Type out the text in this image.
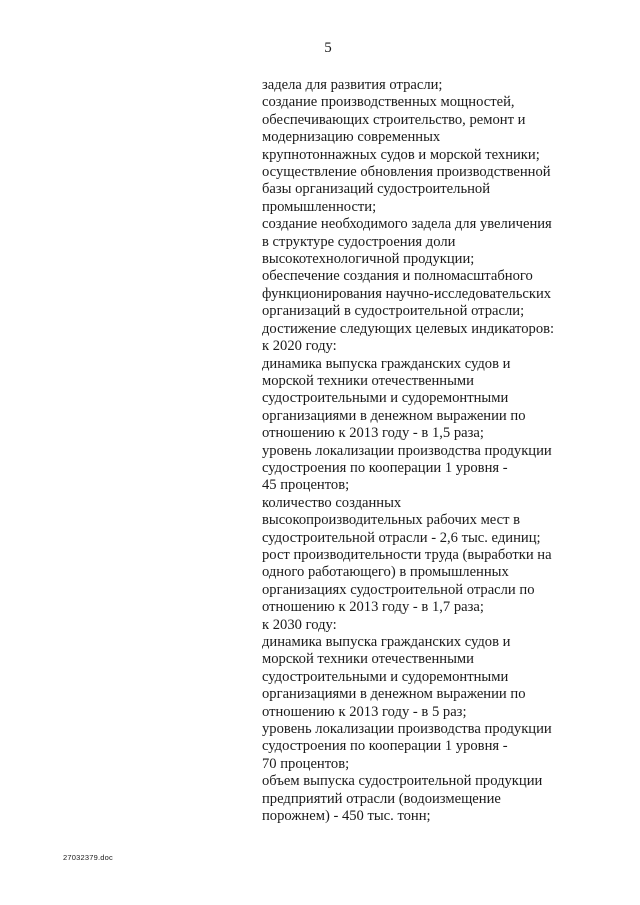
5
задела для развития отрасли;
создание производственных мощностей,
обеспечивающих строительство, ремонт и
модернизацию современных
крупнотоннажных судов и морской техники;
осуществление обновления производственной
базы организаций судостроительной
промышленности;
создание необходимого задела для увеличения
в структуре судостроения доли
высокотехнологичной продукции;
обеспечение создания и полномасштабного
функционирования научно-исследовательских
организаций в судостроительной отрасли;
достижение следующих целевых индикаторов:
к 2020 году:
динамика выпуска гражданских судов и
морской техники отечественными
судостроительными и судоремонтными
организациями в денежном выражении по
отношению к 2013 году - в 1,5 раза;
уровень локализации производства продукции
судостроения по кооперации 1 уровня -
45 процентов;
количество созданных
высокопроизводительных рабочих мест в
судостроительной отрасли - 2,6 тыс. единиц;
рост производительности труда (выработки на
одного работающего) в промышленных
организациях судостроительной отрасли по
отношению к 2013 году - в 1,7 раза;
к 2030 году:
динамика выпуска гражданских судов и
морской техники отечественными
судостроительными и судоремонтными
организациями в денежном выражении по
отношению к 2013 году - в 5 раз;
уровень локализации производства продукции
судостроения по кооперации 1 уровня -
70 процентов;
объем выпуска судостроительной продукции
предприятий отрасли (водоизмещение
порожнем) - 450 тыс. тонн;
27032379.doc
